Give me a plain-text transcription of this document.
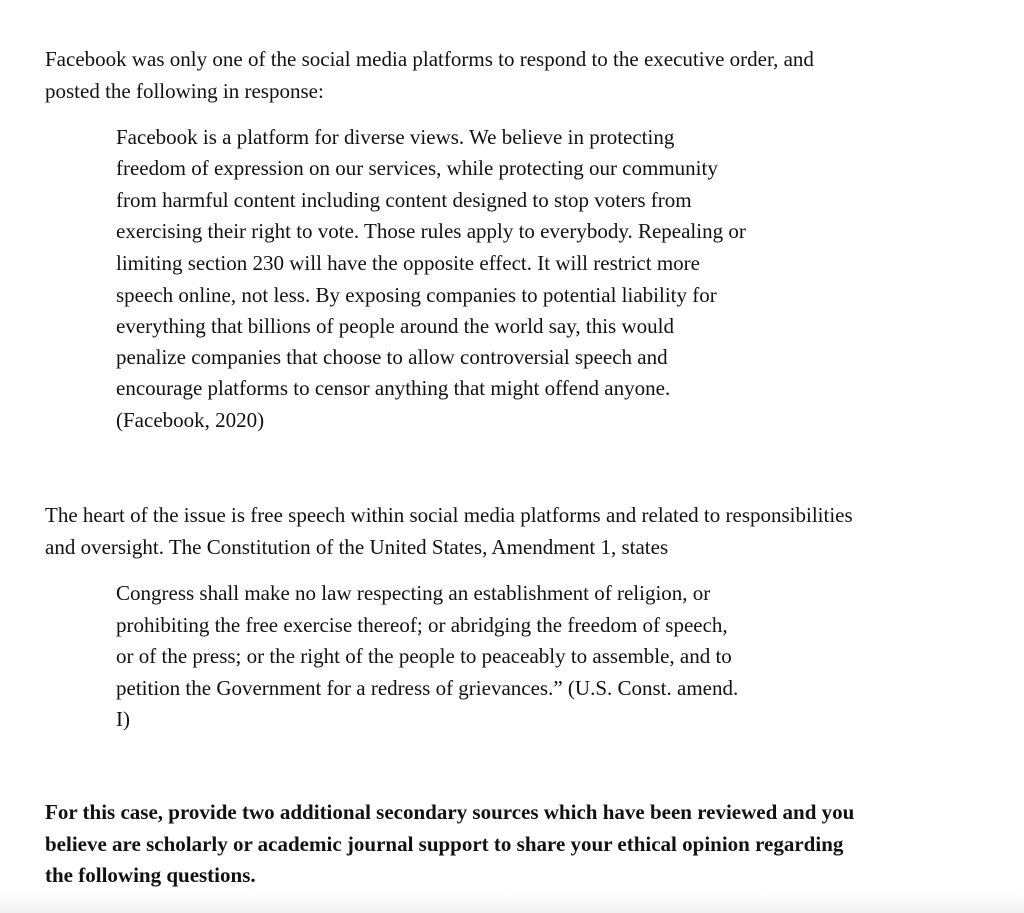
Facebook was only one of the social media platforms to respond to the executive order, and
posted the following in response:
Facebook is a platform for diverse views. We believe in protecting
freedom of expression on our services, while protecting our community
from harmful content including content designed to stop voters from
exercising their right to vote. Those rules apply to everybody. Repealing or
limiting section 230 will have the opposite effect. It will restrict more
speech online, not less. By exposing companies to potential liability for
everything that billions of people around the world say, this would
penalize companies that choose to allow controversial speech and
encourage platforms to censor anything that might offend anyone.
(Facebook, 2020)
The heart of the issue is free speech within social media platforms and related to responsibilities
and oversight. The Constitution of the United States, Amendment 1, states
Congress shall make no law respecting an establishment of religion, or
prohibiting the free exercise thereof; or abridging the freedom of speech,
or of the press; or the right of the people to peaceably to assemble, and to
petition the Government for a redress of grievances.” (U.S. Const. amend.
I)
For this case, provide two additional secondary sources which have been reviewed and you
believe are scholarly or academic journal support to share your ethical opinion regarding
the following questions.
